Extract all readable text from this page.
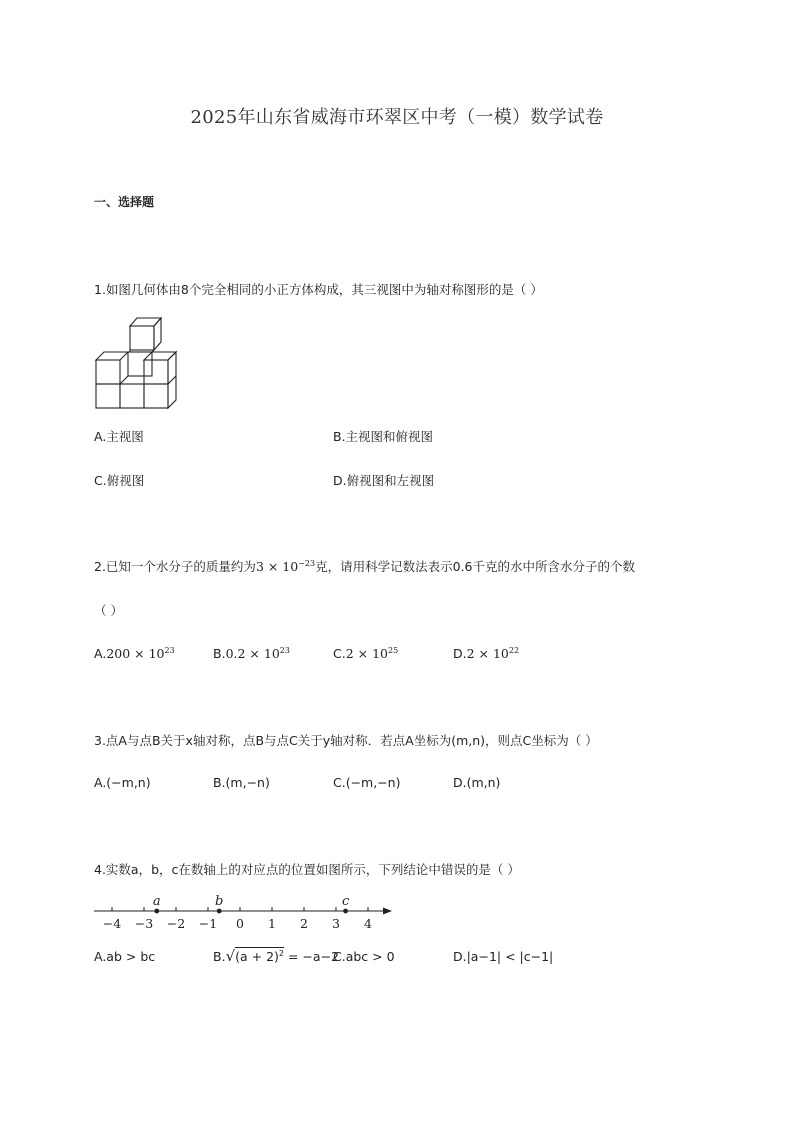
2025年山东省威海市环翠区中考（一模）数学试卷
一、选择题
1.如图几何体由8个完全相同的小正方体构成，其三视图中为轴对称图形的是（ ）
A.主视图	B.主视图和俯视图
C.俯视图	D.俯视图和左视图
2.已知一个水分子的质量约为$3 \times 10^{-23}$克，请用科学记数法表示0.6千克的水中所含水分子的个数
（ ）
$A.200 \times 10^{23}$	$B.0.2 \times 10^{23}$	$C.2 \times 10^{25}$	$D.2 \times 10^{22}$
3.点A与点B关于x轴对称，点B与点C关于y轴对称．若点A坐标为(m,n)，则点C坐标为（ ）
A.(−m,n)	B.(m,−n)	C.(−m,−n)	D.(m,n)
4.实数a，b，c在数轴上的对应点的位置如图所示，下列结论中错误的是（ ）
−4 −3 −2 −1 0 1 2 3 4
a	b	c
A.ab > bc	$B.√(a + 2)^2 = -a-2$
C.abc > 0	D.|a−1| < |c−1|
